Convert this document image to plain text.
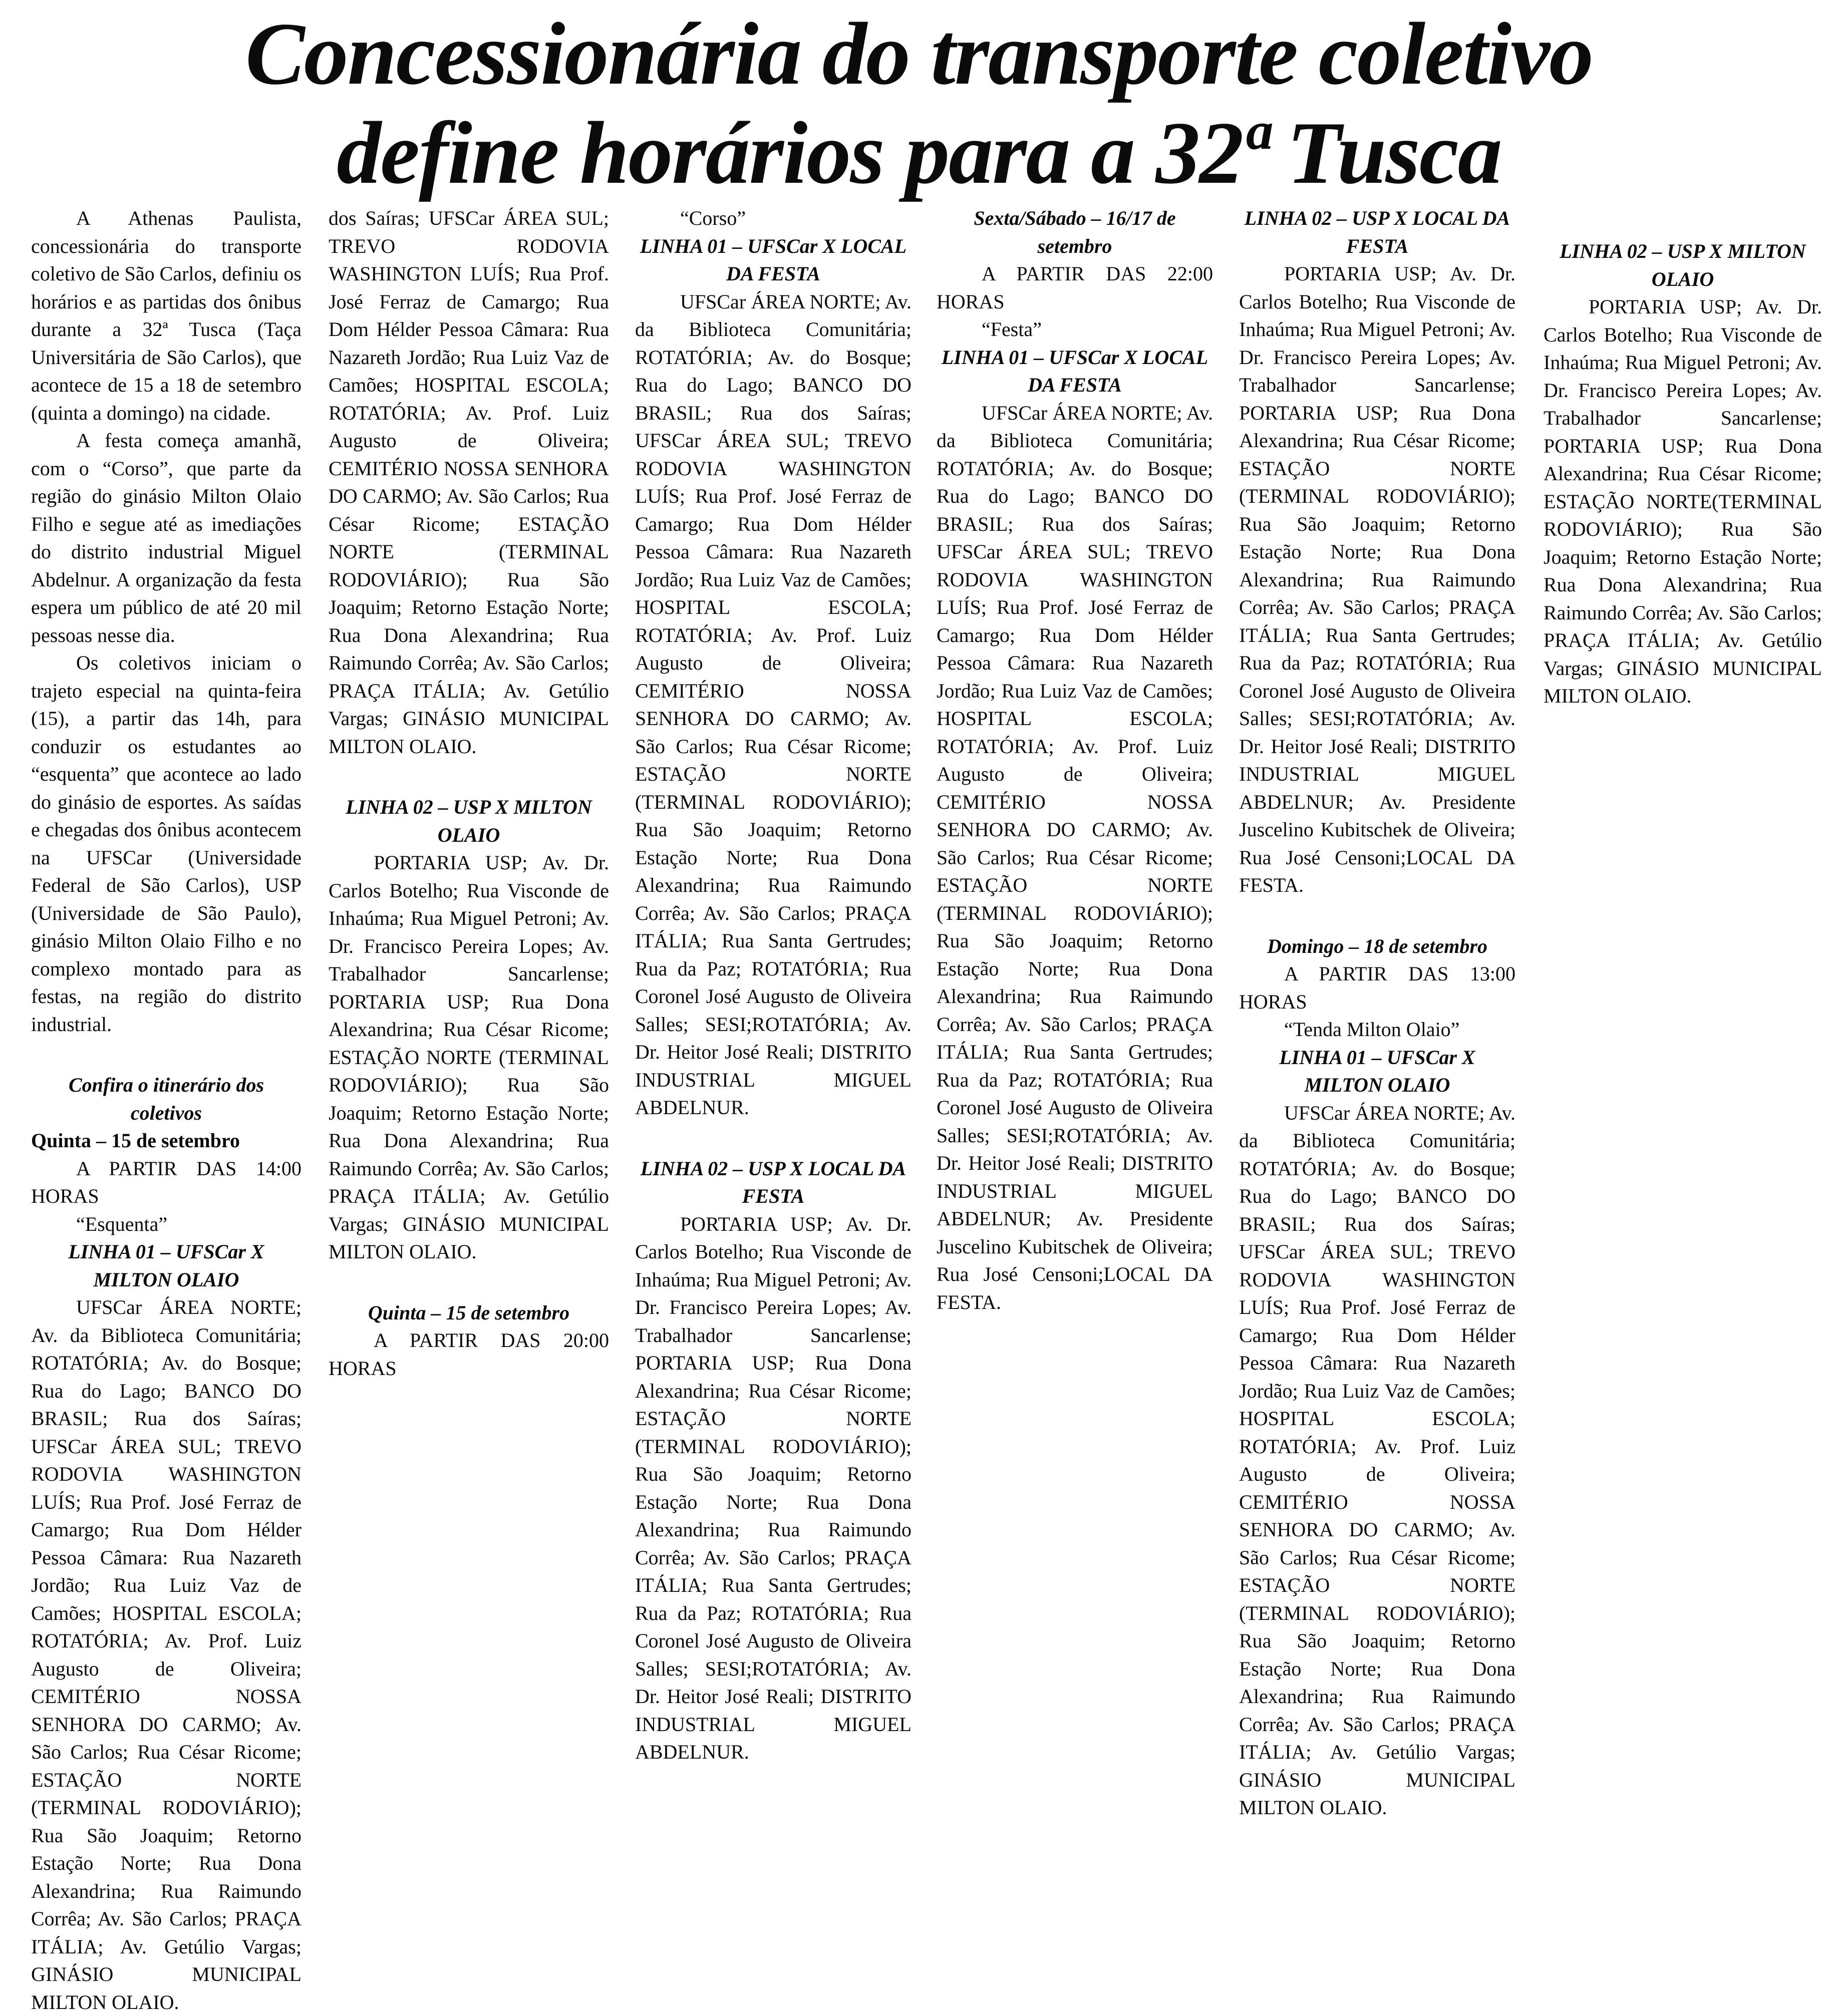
Concessionária do transporte coletivo
define horários para a 32ª Tusca

A Athenas Paulista, concessionária do transporte coletivo de São Carlos, definiu os horários e as partidas dos ônibus durante a 32ª Tusca (Taça Universitária de São Carlos), que acontece de 15 a 18 de setembro (quinta a domingo) na cidade.

A festa começa amanhã, com o “Corso”, que parte da região do ginásio Milton Olaio Filho e segue até as imediações do distrito industrial Miguel Abdelnur. A organização da festa espera um público de até 20 mil pessoas nesse dia.

Os coletivos iniciam o trajeto especial na quinta-feira (15), a partir das 14h, para conduzir os estudantes ao “esquenta” que acontece ao lado do ginásio de esportes. As saídas e chegadas dos ônibus acontecem na UFSCar (Universidade Federal de São Carlos), USP (Universidade de São Paulo), ginásio Milton Olaio Filho e no complexo montado para as festas, na região do distrito industrial.

Confira o itinerário dos coletivos

Quinta – 15 de setembro

A PARTIR DAS 14:00 HORAS

“Esquenta”

LINHA 01 – UFSCar X MILTON OLAIO

UFSCar ÁREA NORTE; Av. da Biblioteca Comunitária; ROTATÓRIA; Av. do Bosque; Rua do Lago; BANCO DO BRASIL; Rua dos Saíras; UFSCar ÁREA SUL; TREVO RODOVIA WASHINGTON LUÍS; Rua Prof. José Ferraz de Camargo; Rua Dom Hélder Pessoa Câmara: Rua Nazareth Jordão; Rua Luiz Vaz de Camões; HOSPITAL ESCOLA; ROTATÓRIA; Av. Prof. Luiz Augusto de Oliveira; CEMITÉRIO NOSSA SENHORA DO CARMO; Av. São Carlos; Rua César Ricome; ESTAÇÃO NORTE (TERMINAL RODOVIÁRIO); Rua São Joaquim; Retorno Estação Norte; Rua Dona Alexandrina; Rua Raimundo Corrêa; Av. São Carlos; PRAÇA ITÁLIA; Av. Getúlio Vargas; GINÁSIO MUNICIPAL MILTON OLAIO.

dos Saíras; UFSCar ÁREA SUL; TREVO RODOVIA WASHINGTON LUÍS; Rua Prof. José Ferraz de Camargo; Rua Dom Hélder Pessoa Câmara: Rua Nazareth Jordão; Rua Luiz Vaz de Camões; HOSPITAL ESCOLA; ROTATÓRIA; Av. Prof. Luiz Augusto de Oliveira; CEMITÉRIO NOSSA SENHORA DO CARMO; Av. São Carlos; Rua César Ricome; ESTAÇÃO NORTE (TERMINAL RODOVIÁRIO); Rua São Joaquim; Retorno Estação Norte; Rua Dona Alexandrina; Rua Raimundo Corrêa; Av. São Carlos; PRAÇA ITÁLIA; Av. Getúlio Vargas; GINÁSIO MUNICIPAL MILTON OLAIO.

LINHA 02 – USP X MILTON OLAIO

PORTARIA USP; Av. Dr. Carlos Botelho; Rua Visconde de Inhaúma; Rua Miguel Petroni; Av. Dr. Francisco Pereira Lopes; Av. Trabalhador Sancarlense; PORTARIA USP; Rua Dona Alexandrina; Rua César Ricome; ESTAÇÃO NORTE (TERMINAL RODOVIÁRIO); Rua São Joaquim; Retorno Estação Norte; Rua Dona Alexandrina; Rua Raimundo Corrêa; Av. São Carlos; PRAÇA ITÁLIA; Av. Getúlio Vargas; GINÁSIO MUNICIPAL MILTON OLAIO.

Quinta – 15 de setembro

A PARTIR DAS 20:00 HORAS

“Corso”

LINHA 01 – UFSCar X LOCAL DA FESTA

UFSCar ÁREA NORTE; Av. da Biblioteca Comunitária; ROTATÓRIA; Av. do Bosque; Rua do Lago; BANCO DO BRASIL; Rua dos Saíras; UFSCar ÁREA SUL; TREVO RODOVIA WASHINGTON LUÍS; Rua Prof. José Ferraz de Camargo; Rua Dom Hélder Pessoa Câmara: Rua Nazareth Jordão; Rua Luiz Vaz de Camões; HOSPITAL ESCOLA; ROTATÓRIA; Av. Prof. Luiz Augusto de Oliveira; CEMITÉRIO NOSSA SENHORA DO CARMO; Av. São Carlos; Rua César Ricome; ESTAÇÃO NORTE (TERMINAL RODOVIÁRIO); Rua São Joaquim; Retorno Estação Norte; Rua Dona Alexandrina; Rua Raimundo Corrêa; Av. São Carlos; PRAÇA ITÁLIA; Rua Santa Gertrudes; Rua da Paz; ROTATÓRIA; Rua Coronel José Augusto de Oliveira Salles; SESI;ROTATÓRIA; Av. Dr. Heitor José Reali; DISTRITO INDUSTRIAL MIGUEL ABDELNUR.

LINHA 02 – USP X LOCAL DA FESTA

PORTARIA USP; Av. Dr. Carlos Botelho; Rua Visconde de Inhaúma; Rua Miguel Petroni; Av. Dr. Francisco Pereira Lopes; Av. Trabalhador Sancarlense; PORTARIA USP; Rua Dona Alexandrina; Rua César Ricome; ESTAÇÃO NORTE (TERMINAL RODOVIÁRIO); Rua São Joaquim; Retorno Estação Norte; Rua Dona Alexandrina; Rua Raimundo Corrêa; Av. São Carlos; PRAÇA ITÁLIA; Rua Santa Gertrudes; Rua da Paz; ROTATÓRIA; Rua Coronel José Augusto de Oliveira Salles; SESI;ROTATÓRIA; Av. Dr. Heitor José Reali; DISTRITO INDUSTRIAL MIGUEL ABDELNUR.

Sexta/Sábado – 16/17 de setembro

A PARTIR DAS 22:00 HORAS

“Festa”

LINHA 01 – UFSCar X LOCAL DA FESTA

UFSCar ÁREA NORTE; Av. da Biblioteca Comunitária; ROTATÓRIA; Av. do Bosque; Rua do Lago; BANCO DO BRASIL; Rua dos Saíras; UFSCar ÁREA SUL; TREVO RODOVIA WASHINGTON LUÍS; Rua Prof. José Ferraz de Camargo; Rua Dom Hélder Pessoa Câmara: Rua Nazareth Jordão; Rua Luiz Vaz de Camões; HOSPITAL ESCOLA; ROTATÓRIA; Av. Prof. Luiz Augusto de Oliveira; CEMITÉRIO NOSSA SENHORA DO CARMO; Av. São Carlos; Rua César Ricome; ESTAÇÃO NORTE (TERMINAL RODOVIÁRIO); Rua São Joaquim; Retorno Estação Norte; Rua Dona Alexandrina; Rua Raimundo Corrêa; Av. São Carlos; PRAÇA ITÁLIA; Rua Santa Gertrudes; Rua da Paz; ROTATÓRIA; Rua Coronel José Augusto de Oliveira Salles; SESI;ROTATÓRIA; Av. Dr. Heitor José Reali; DISTRITO INDUSTRIAL MIGUEL ABDELNUR; Av. Presidente Juscelino Kubitschek de Oliveira; Rua José Censoni;LOCAL DA FESTA.

LINHA 02 – USP X LOCAL DA FESTA

PORTARIA USP; Av. Dr. Carlos Botelho; Rua Visconde de Inhaúma; Rua Miguel Petroni; Av. Dr. Francisco Pereira Lopes; Av. Trabalhador Sancarlense; PORTARIA USP; Rua Dona Alexandrina; Rua César Ricome; ESTAÇÃO NORTE (TERMINAL RODOVIÁRIO); Rua São Joaquim; Retorno Estação Norte; Rua Dona Alexandrina; Rua Raimundo Corrêa; Av. São Carlos; PRAÇA ITÁLIA; Rua Santa Gertrudes; Rua da Paz; ROTATÓRIA; Rua Coronel José Augusto de Oliveira Salles; SESI;ROTATÓRIA; Av. Dr. Heitor José Reali; DISTRITO INDUSTRIAL MIGUEL ABDELNUR; Av. Presidente Juscelino Kubitschek de Oliveira; Rua José Censoni;LOCAL DA FESTA.

Domingo – 18 de setembro

A PARTIR DAS 13:00 HORAS

“Tenda Milton Olaio”

LINHA 01 – UFSCar X MILTON OLAIO

UFSCar ÁREA NORTE; Av. da Biblioteca Comunitária; ROTATÓRIA; Av. do Bosque; Rua do Lago; BANCO DO BRASIL; Rua dos Saíras; UFSCar ÁREA SUL; TREVO RODOVIA WASHINGTON LUÍS; Rua Prof. José Ferraz de Camargo; Rua Dom Hélder Pessoa Câmara: Rua Nazareth Jordão; Rua Luiz Vaz de Camões; HOSPITAL ESCOLA; ROTATÓRIA; Av. Prof. Luiz Augusto de Oliveira; CEMITÉRIO NOSSA SENHORA DO CARMO; Av. São Carlos; Rua César Ricome; ESTAÇÃO NORTE (TERMINAL RODOVIÁRIO); Rua São Joaquim; Retorno Estação Norte; Rua Dona Alexandrina; Rua Raimundo Corrêa; Av. São Carlos; PRAÇA ITÁLIA; Av. Getúlio Vargas; GINÁSIO MUNICIPAL MILTON OLAIO.

LINHA 02 – USP X MILTON OLAIO

PORTARIA USP; Av. Dr. Carlos Botelho; Rua Visconde de Inhaúma; Rua Miguel Petroni; Av. Dr. Francisco Pereira Lopes; Av. Trabalhador Sancarlense; PORTARIA USP; Rua Dona Alexandrina; Rua César Ricome; ESTAÇÃO NORTE(TERMINAL RODOVIÁRIO); Rua São Joaquim; Retorno Estação Norte; Rua Dona Alexandrina; Rua Raimundo Corrêa; Av. São Carlos; PRAÇA ITÁLIA; Av. Getúlio Vargas; GINÁSIO MUNICIPAL MILTON OLAIO.
